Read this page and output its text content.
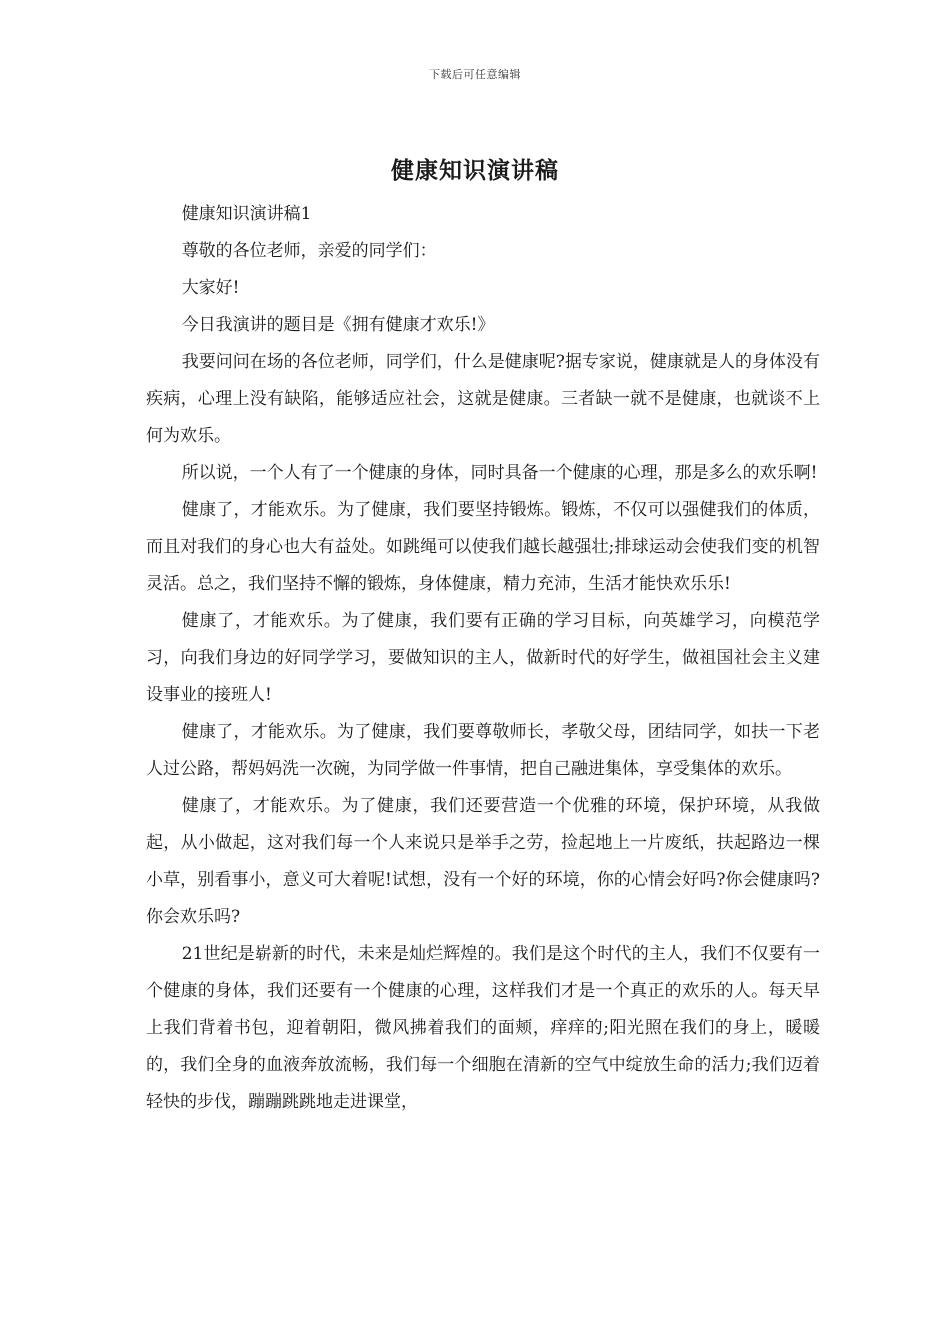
下载后可任意编辑
健康知识演讲稿

健康知识演讲稿1

尊敬的各位老师，亲爱的同学们：

大家好!

今日我演讲的题目是《拥有健康才欢乐!》

我要问问在场的各位老师，同学们，什么是健康呢?据专家说，健康就是人的身体没有疾病，心理上没有缺陷，能够适应社会，这就是健康。三者缺一就不是健康，也就谈不上何为欢乐。

所以说，一个人有了一个健康的身体，同时具备一个健康的心理，那是多么的欢乐啊!

健康了，才能欢乐。为了健康，我们要坚持锻炼。锻炼，不仅可以强健我们的体质，而且对我们的身心也大有益处。如跳绳可以使我们越长越强壮;排球运动会使我们变的机智灵活。总之，我们坚持不懈的锻炼，身体健康，精力充沛，生活才能快欢乐乐!

健康了，才能欢乐。为了健康，我们要有正确的学习目标，向英雄学习，向模范学习，向我们身边的好同学学习，要做知识的主人，做新时代的好学生，做祖国社会主义建设事业的接班人!

健康了，才能欢乐。为了健康，我们要尊敬师长，孝敬父母，团结同学，如扶一下老人过公路，帮妈妈洗一次碗，为同学做一件事情，把自己融进集体，享受集体的欢乐。

健康了，才能欢乐。为了健康，我们还要营造一个优雅的环境，保护环境，从我做起，从小做起，这对我们每一个人来说只是举手之劳，捡起地上一片废纸，扶起路边一棵小草，别看事小，意义可大着呢!试想，没有一个好的环境，你的心情会好吗?你会健康吗?你会欢乐吗?

21世纪是崭新的时代，未来是灿烂辉煌的。我们是这个时代的主人，我们不仅要有一个健康的身体，我们还要有一个健康的心理，这样我们才是一个真正的欢乐的人。每天早上我们背着书包，迎着朝阳，微风拂着我们的面颊，痒痒的;阳光照在我们的身上，暖暖的，我们全身的血液奔放流畅，我们每一个细胞在清新的空气中绽放生命的活力;我们迈着轻快的步伐，蹦蹦跳跳地走进课堂，
